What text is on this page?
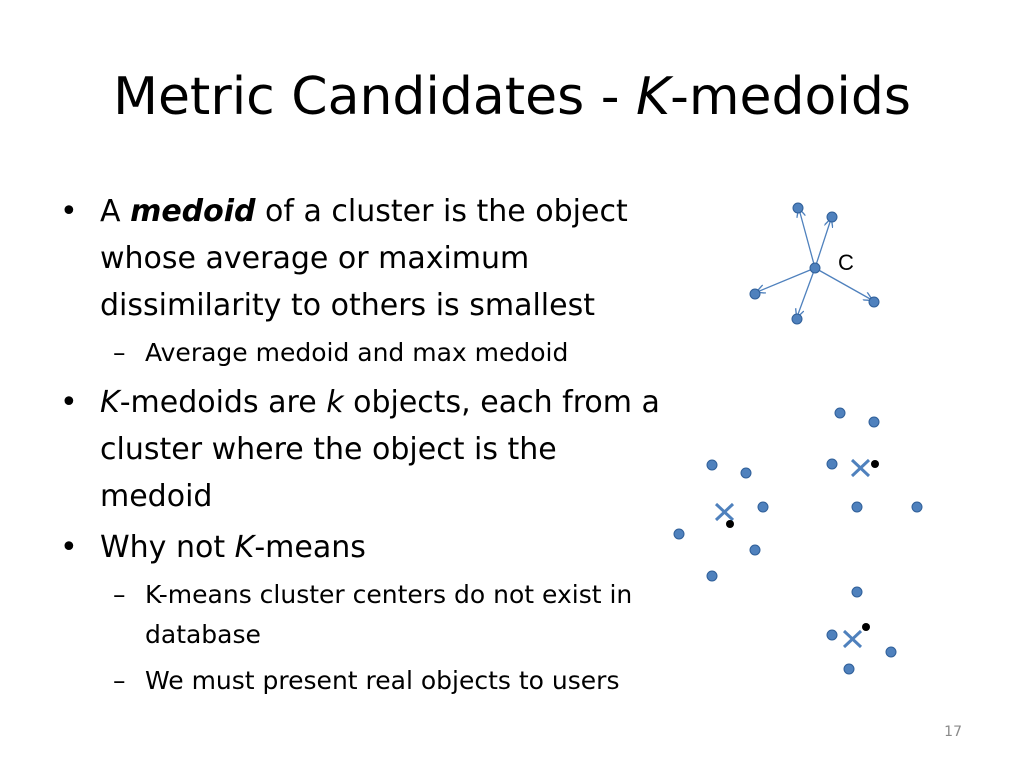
Metric Candidates - K-medoids
• A medoid of a cluster is the object
whose average or maximum
dissimilarity to others is smallest
– Average medoid and max medoid
• K-medoids are k objects, each from a
cluster where the object is the
medoid
• Why not K-means
– K-means cluster centers do not exist in
database
– We must present real objects to users
C
17
